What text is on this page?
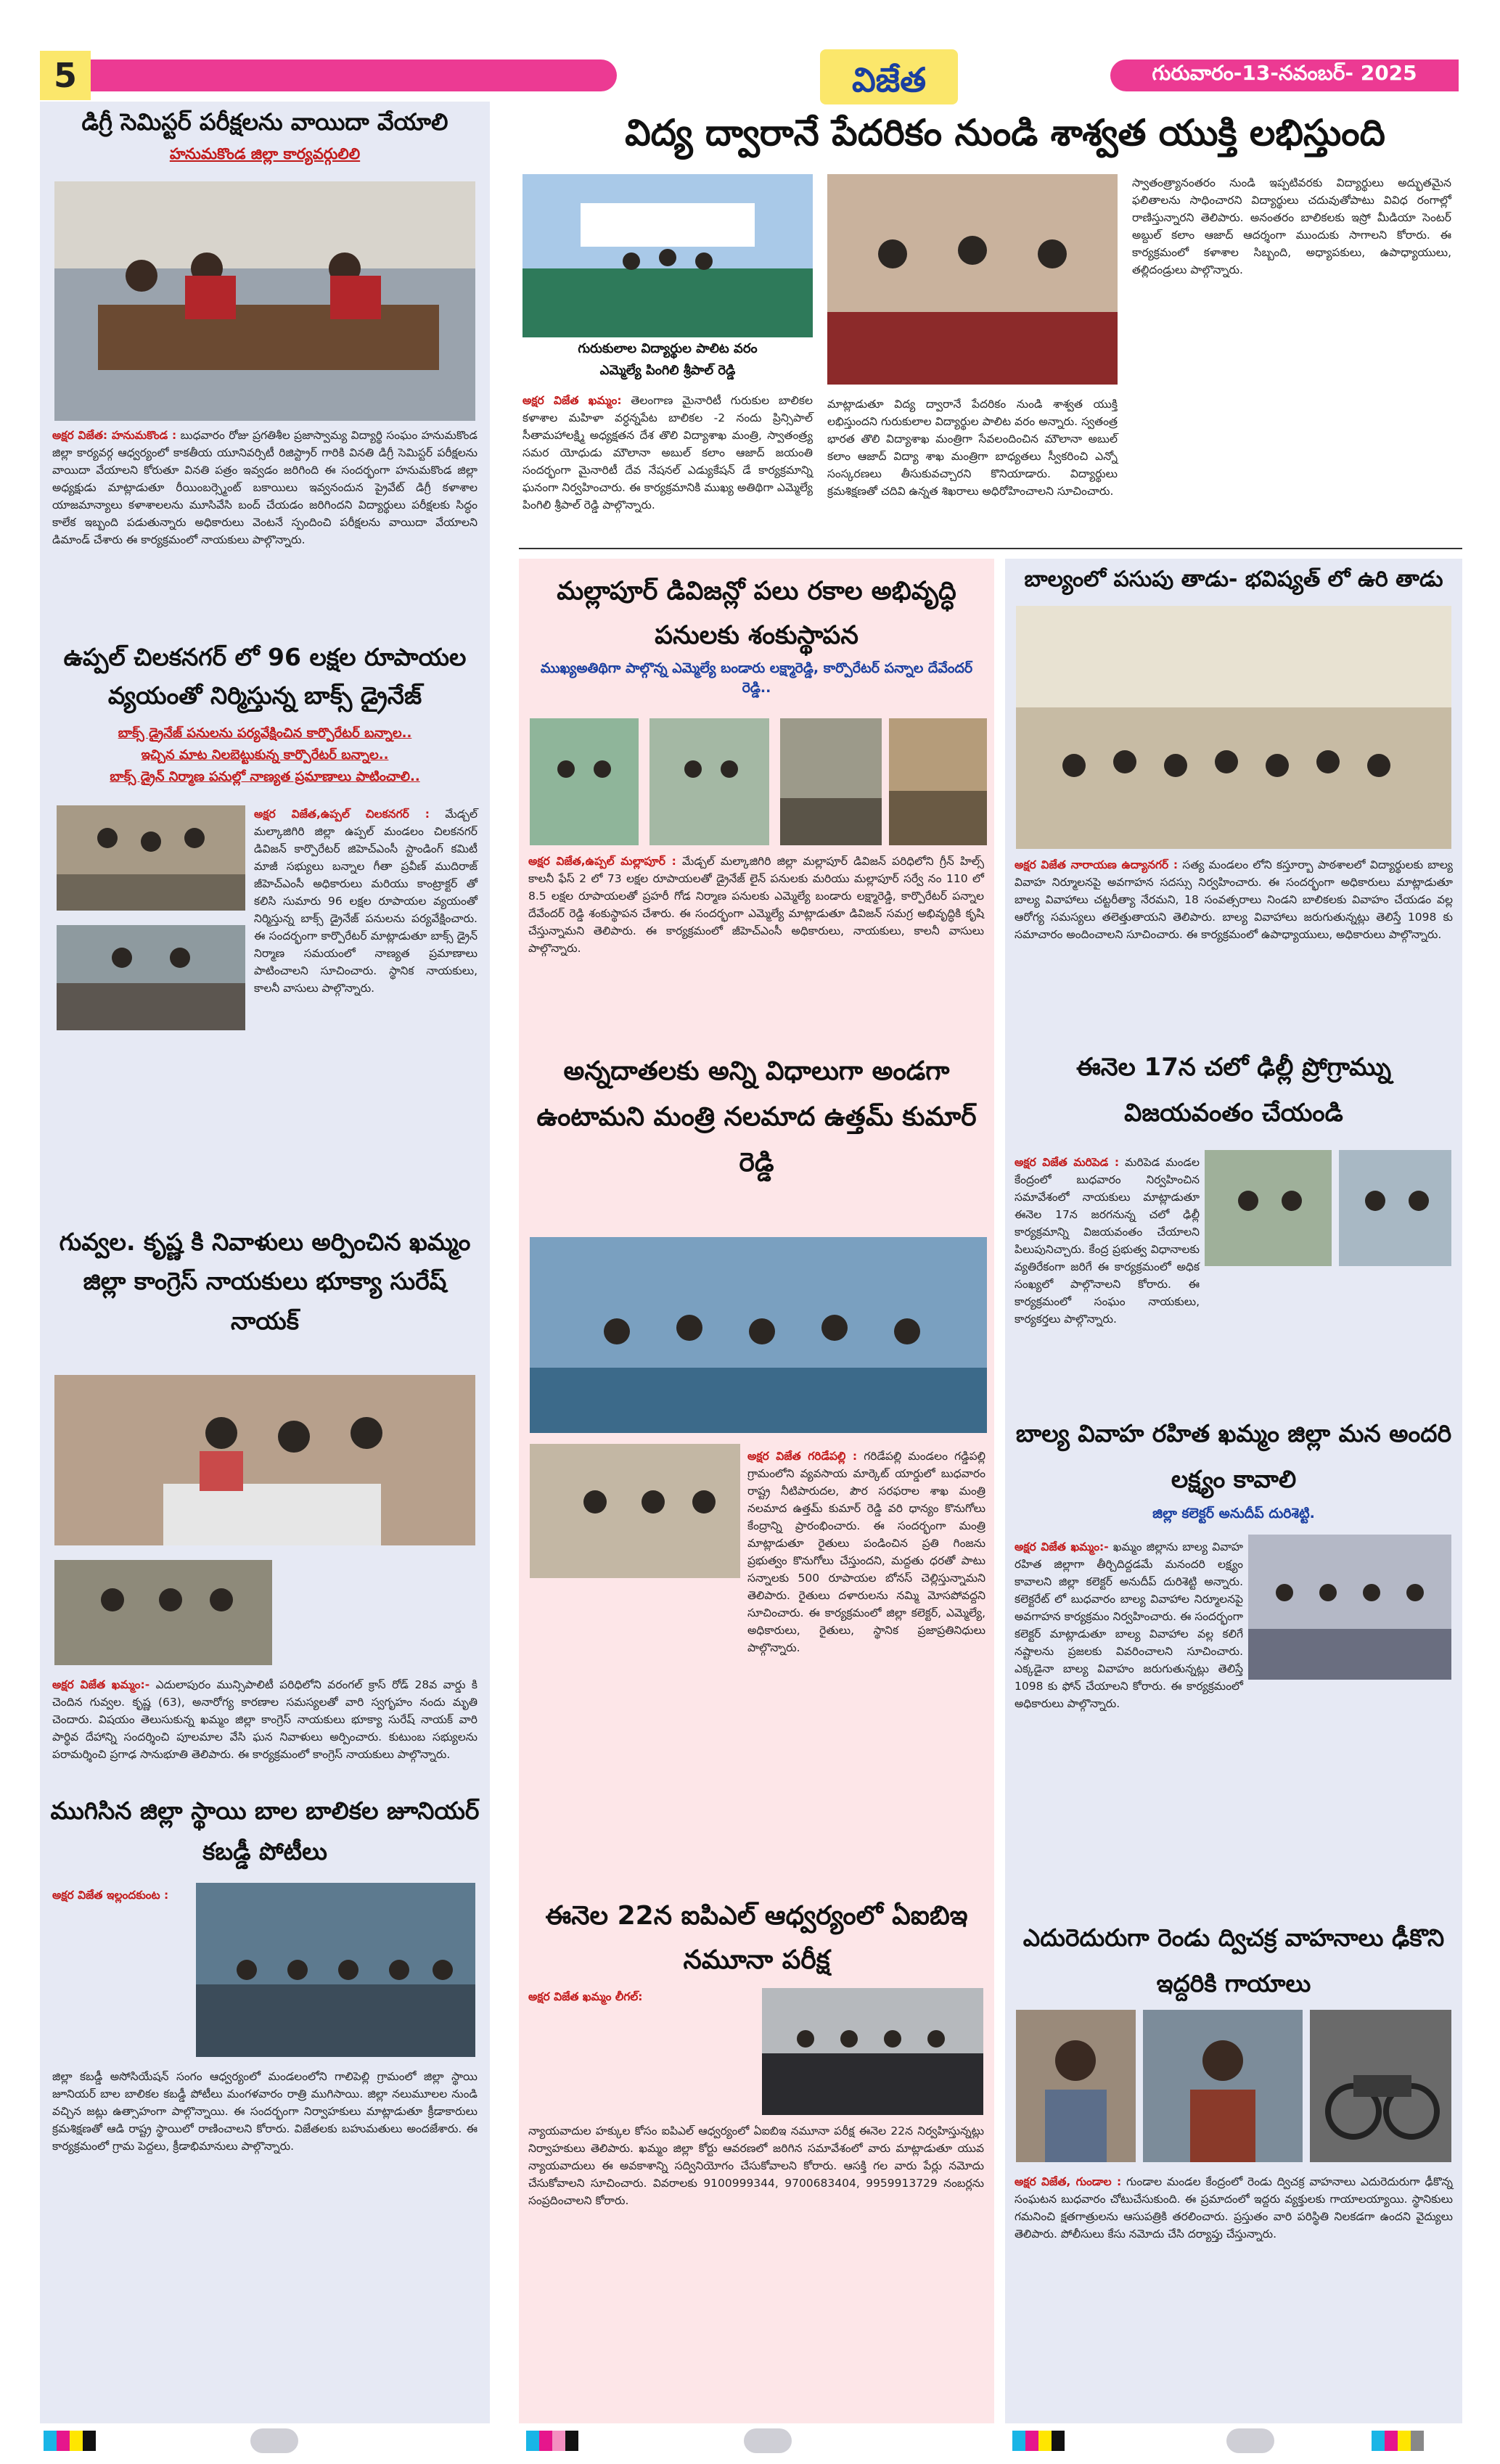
5	విజేత	గురువారం-13-నవంబర్- 2025
విద్య ద్వారానే పేదరికం నుండి శాశ్వత యుక్తి లభిస్తుంది
డిగ్రీ సెమిస్టర్ పరీక్షలను వాయిదా వేయాలి
హనుమకొండ జిల్లా కార్యవర్గులిలి
అక్షర విజేత: హనుమకొండ : బుధవారం రోజు ప్రగతిశీల ప్రజాస్వామ్య విద్యార్థి సంఘం హనుమకొండ జిల్లా కార్యవర్గ ఆధ్వర్యంలో కాకతీయ యూనివర్సిటీ రిజిస్ట్రార్ గారికి వినతి డిగ్రీ సెమిస్టర్ పరీక్షలను వాయిదా వేయాలని కోరుతూ వినతి పత్రం ఇవ్వడం జరిగింది ఈ సందర్భంగా హనుమకొండ జిల్లా అధ్యక్షుడు మాట్లాడుతూ రీయింబర్స్మెంట్ బకాయిలు ఇవ్వనందున ప్రైవేట్ డిగ్రీ కళాశాల యాజమాన్యాలు కళాశాలలను మూసివేసి బంద్ చేయడం జరిగిందని విద్యార్థులు పరీక్షలకు సిద్ధం కాలేక ఇబ్బంది పడుతున్నారు అధికారులు వెంటనే స్పందించి పరీక్షలను వాయిదా వేయాలని డిమాండ్ చేశారు ఈ కార్యక్రమంలో నాయకులు పాల్గొన్నారు.
ఉప్పల్ చిలకనగర్ లో 96 లక్షల రూపాయల వ్యయంతో నిర్మిస్తున్న బాక్స్ డ్రైనేజ్
బాక్స్ డ్రైనేజ్ పనులను పర్యవేక్షించిన కార్పొరేటర్ బన్నాల..
ఇచ్చిన మాట నిలబెట్టుకున్న కార్పొరేటర్ బన్నాల..
బాక్స్ డ్రైన్ నిర్మాణ పనుల్లో నాణ్యత ప్రమాణాలు పాటించాలి..
అక్షర విజేత,ఉప్పల్ చిలకనగర్ : మేడ్చల్ మల్కాజిగిరి జిల్లా ఉప్పల్ మండలం చిలకనగర్ డివిజన్ కార్పొరేటర్ జిహెచ్ఎంసీ స్టాండింగ్ కమిటీ మాజీ సభ్యులు బన్నాల గీతా ప్రవీణ్ ముదిరాజ్ జీహెచ్ఎంసీ అధికారులు మరియు కాంట్రాక్టర్ తో కలిసి సుమారు 96 లక్షల రూపాయల వ్యయంతో నిర్మిస్తున్న బాక్స్ డ్రైనేజ్ పనులను పర్యవేక్షించారు. ఈ సందర్భంగా కార్పొరేటర్ మాట్లాడుతూ బాక్స్ డ్రైన్ నిర్మాణ సమయంలో నాణ్యత ప్రమాణాలు పాటించాలని సూచించారు. స్థానిక నాయకులు, కాలనీ వాసులు పాల్గొన్నారు.
గువ్వల. కృష్ణ కి నివాళులు అర్పించిన ఖమ్మం జిల్లా కాంగ్రెస్ నాయకులు భూక్యా సురేష్ నాయక్
అక్షర విజేత ఖమ్మం:- ఎదులాపురం మున్సిపాలిటీ పరిధిలోని వరంగల్ క్రాస్ రోడ్ 28వ వార్డు కి చెందిన గువ్వల. కృష్ణ (63), అనారోగ్య కారణాల సమస్యలతో వారి స్వగృహం నందు మృతి చెందారు. విషయం తెలుసుకున్న ఖమ్మం జిల్లా కాంగ్రెస్ నాయకులు భూక్యా సురేష్ నాయక్ వారి పార్థివ దేహాన్ని సందర్శించి పూలమాల వేసి ఘన నివాళులు అర్పించారు. కుటుంబ సభ్యులను పరామర్శించి ప్రగాఢ సానుభూతి తెలిపారు. ఈ కార్యక్రమంలో కాంగ్రెస్ నాయకులు పాల్గొన్నారు.
ముగిసిన జిల్లా స్థాయి బాల బాలికల జూనియర్ కబడ్డీ పోటీలు
అక్షర విజేత ఇల్లందకుంట :
జిల్లా కబడ్డీ అసోసియేషన్ సంగం ఆధ్వర్యంలో మండలంలోని గాలిపెల్లి గ్రామంలో జిల్లా స్థాయి జూనియర్ బాల బాలికల కబడ్డీ పోటీలు మంగళవారం రాత్రి ముగిసాయి. జిల్లా నలుమూలల నుండి వచ్చిన జట్లు ఉత్సాహంగా పాల్గొన్నాయి. ఈ సందర్భంగా నిర్వాహకులు మాట్లాడుతూ క్రీడాకారులు క్రమశిక్షణతో ఆడి రాష్ట్ర స్థాయిలో రాణించాలని కోరారు. విజేతలకు బహుమతులు అందజేశారు. ఈ కార్యక్రమంలో గ్రామ పెద్దలు, క్రీడాభిమానులు పాల్గొన్నారు.
గురుకులాల విద్యార్థుల పాలిట వరం
ఎమ్మెల్యే పింగిలి శ్రీపాల్ రెడ్డి
అక్షర విజేత ఖమ్మం: తెలంగాణ మైనారిటీ గురుకుల బాలికల కళాశాల మహిళా వర్ధన్నపేట బాలికల -2 నందు ప్రిన్సిపాల్ సీతామహాలక్ష్మి అధ్యక్షతన దేశ తొలి విద్యాశాఖ మంత్రి, స్వాతంత్ర్య సమర యోధుడు మౌలానా అబుల్ కలాం ఆజాద్ జయంతి సందర్భంగా మైనారిటీ దేవ నేషనల్ ఎడ్యుకేషన్ డే కార్యక్రమాన్ని ఘనంగా నిర్వహించారు. ఈ కార్యక్రమానికి ముఖ్య అతిథిగా ఎమ్మెల్యే పింగిలి శ్రీపాల్ రెడ్డి పాల్గొన్నారు.
మాట్లాడుతూ విద్య ద్వారానే పేదరికం నుండి శాశ్వత యుక్తి లభిస్తుందని గురుకులాల విద్యార్థుల పాలిట వరం అన్నారు. స్వతంత్ర భారత తొలి విద్యాశాఖ మంత్రిగా సేవలందించిన మౌలానా అబుల్ కలాం ఆజాద్ విద్యా శాఖ మంత్రిగా బాధ్యతలు స్వీకరించి ఎన్నో సంస్కరణలు తీసుకువచ్చారని కొనియాడారు. విద్యార్థులు క్రమశిక్షణతో చదివి ఉన్నత శిఖరాలు అధిరోహించాలని సూచించారు.
స్వాతంత్ర్యానంతరం నుండి ఇప్పటివరకు విద్యార్థులు అద్భుతమైన ఫలితాలను సాధించారని విద్యార్థులు చదువుతోపాటు వివిధ రంగాల్లో రాణిస్తున్నారని తెలిపారు. అనంతరం బాలికలకు ఇస్రో మీడియా సెంటర్ అబ్దుల్ కలాం ఆజాద్ ఆదర్శంగా ముందుకు సాగాలని కోరారు. ఈ కార్యక్రమంలో కళాశాల సిబ్బంది, అధ్యాపకులు, ఉపాధ్యాయులు, తల్లిదండ్రులు పాల్గొన్నారు.
మల్లాపూర్ డివిజన్లో పలు రకాల అభివృద్ధి పనులకు శంకుస్థాపన
ముఖ్యఅతిథిగా పాల్గొన్న ఎమ్మెల్యే బండారు లక్ష్మారెడ్డి, కార్పొరేటర్ పన్నాల దేవేందర్ రెడ్డి..
అక్షర విజేత,ఉప్పల్ మల్లాపూర్ : మేడ్చల్ మల్కాజిగిరి జిల్లా మల్లాపూర్ డివిజన్ పరిధిలోని గ్రీన్ హిల్స్ కాలనీ ఫేస్ 2 లో 73 లక్షల రూపాయలతో డ్రైనేజ్ లైన్ పనులకు మరియు మల్లాపూర్ సర్వే నం 110 లో 8.5 లక్షల రూపాయలతో ప్రహరీ గోడ నిర్మాణ పనులకు ఎమ్మెల్యే బండారు లక్ష్మారెడ్డి, కార్పొరేటర్ పన్నాల దేవేందర్ రెడ్డి శంకుస్థాపన చేశారు. ఈ సందర్భంగా ఎమ్మెల్యే మాట్లాడుతూ డివిజన్ సమగ్ర అభివృద్ధికి కృషి చేస్తున్నామని తెలిపారు. ఈ కార్యక్రమంలో జీహెచ్ఎంసీ అధికారులు, నాయకులు, కాలనీ వాసులు పాల్గొన్నారు.
అన్నదాతలకు అన్ని విధాలుగా అండగా ఉంటామని మంత్రి నలమాద ఉత్తమ్ కుమార్ రెడ్డి
అక్షర విజేత గరిడేపల్లి : గరిడేపల్లి మండలం గడ్డిపల్లి గ్రామంలోని వ్యవసాయ మార్కెట్ యార్డులో బుధవారం రాష్ట్ర నీటిపారుదల, పౌర సరఫరాల శాఖ మంత్రి నలమాద ఉత్తమ్ కుమార్ రెడ్డి వరి ధాన్యం కొనుగోలు కేంద్రాన్ని ప్రారంభించారు. ఈ సందర్భంగా మంత్రి మాట్లాడుతూ రైతులు పండించిన ప్రతి గింజను ప్రభుత్వం కొనుగోలు చేస్తుందని, మద్దతు ధరతో పాటు సన్నాలకు 500 రూపాయల బోనస్ చెల్లిస్తున్నామని తెలిపారు. రైతులు దళారులను నమ్మి మోసపోవద్దని సూచించారు. ఈ కార్యక్రమంలో జిల్లా కలెక్టర్, ఎమ్మెల్యే, అధికారులు, రైతులు, స్థానిక ప్రజాప్రతినిధులు పాల్గొన్నారు.
ఈనెల 22న ఐపిఎల్ ఆధ్వర్యంలో ఏఐబిఇ నమూనా పరీక్ష
అక్షర విజేత ఖమ్మం లీగల్:
న్యాయవాదుల హక్కుల కోసం ఐపిఎల్ ఆధ్వర్యంలో ఏఐబిఇ నమూనా పరీక్ష ఈనెల 22న నిర్వహిస్తున్నట్లు నిర్వాహకులు తెలిపారు. ఖమ్మం జిల్లా కోర్టు ఆవరణలో జరిగిన సమావేశంలో వారు మాట్లాడుతూ యువ న్యాయవాదులు ఈ అవకాశాన్ని సద్వినియోగం చేసుకోవాలని కోరారు. ఆసక్తి గల వారు పేర్లు నమోదు చేసుకోవాలని సూచించారు. వివరాలకు 9100999344, 9700683404, 9959913729 నంబర్లను సంప్రదించాలని కోరారు.
బాల్యంలో పసుపు తాడు- భవిష్యత్ లో ఉరి తాడు
అక్షర విజేత నారాయణ ఉద్యానగర్ : సత్య మండలం లోని కస్తూర్బా పాఠశాలలో విద్యార్థులకు బాల్య వివాహ నిర్మూలనపై అవగాహన సదస్సు నిర్వహించారు. ఈ సందర్భంగా అధికారులు మాట్లాడుతూ బాల్య వివాహాలు చట్టరీత్యా నేరమని, 18 సంవత్సరాలు నిండని బాలికలకు వివాహం చేయడం వల్ల ఆరోగ్య సమస్యలు తలెత్తుతాయని తెలిపారు. బాల్య వివాహాలు జరుగుతున్నట్లు తెలిస్తే 1098 కు సమాచారం అందించాలని సూచించారు. ఈ కార్యక్రమంలో ఉపాధ్యాయులు, అధికారులు పాల్గొన్నారు.
ఈనెల 17న చలో ఢిల్లీ ప్రోగ్రామ్ను విజయవంతం చేయండి
అక్షర విజేత మరిపెడ : మరిపెడ మండల కేంద్రంలో బుధవారం నిర్వహించిన సమావేశంలో నాయకులు మాట్లాడుతూ ఈనెల 17న జరగనున్న చలో ఢిల్లీ కార్యక్రమాన్ని విజయవంతం చేయాలని పిలుపునిచ్చారు. కేంద్ర ప్రభుత్వ విధానాలకు వ్యతిరేకంగా జరిగే ఈ కార్యక్రమంలో అధిక సంఖ్యలో పాల్గొనాలని కోరారు. ఈ కార్యక్రమంలో సంఘం నాయకులు, కార్యకర్తలు పాల్గొన్నారు.
బాల్య వివాహ రహిత ఖమ్మం జిల్లా మన అందరి లక్ష్యం కావాలి
జిల్లా కలెక్టర్ అనుదీప్ దురిశెట్టి.
అక్షర విజేత ఖమ్మం:- ఖమ్మం జిల్లాను బాల్య వివాహ రహిత జిల్లాగా తీర్చిదిద్దడమే మనందరి లక్ష్యం కావాలని జిల్లా కలెక్టర్ అనుదీప్ దురిశెట్టి అన్నారు. కలెక్టరేట్ లో బుధవారం బాల్య వివాహాల నిర్మూలనపై అవగాహన కార్యక్రమం నిర్వహించారు. ఈ సందర్భంగా కలెక్టర్ మాట్లాడుతూ బాల్య వివాహాల వల్ల కలిగే నష్టాలను ప్రజలకు వివరించాలని సూచించారు. ఎక్కడైనా బాల్య వివాహం జరుగుతున్నట్లు తెలిస్తే 1098 కు ఫోన్ చేయాలని కోరారు. ఈ కార్యక్రమంలో అధికారులు పాల్గొన్నారు.
ఎదురెదురుగా రెండు ద్విచక్ర వాహనాలు ఢీకొని ఇద్దరికి గాయాలు
అక్షర విజేత, గుండాల : గుండాల మండల కేంద్రంలో రెండు ద్విచక్ర వాహనాలు ఎదురెదురుగా ఢీకొన్న సంఘటన బుధవారం చోటుచేసుకుంది. ఈ ప్రమాదంలో ఇద్దరు వ్యక్తులకు గాయాలయ్యాయి. స్థానికులు గమనించి క్షతగాత్రులను ఆసుపత్రికి తరలించారు. ప్రస్తుతం వారి పరిస్థితి నిలకడగా ఉందని వైద్యులు తెలిపారు. పోలీసులు కేసు నమోదు చేసి దర్యాప్తు చేస్తున్నారు.
